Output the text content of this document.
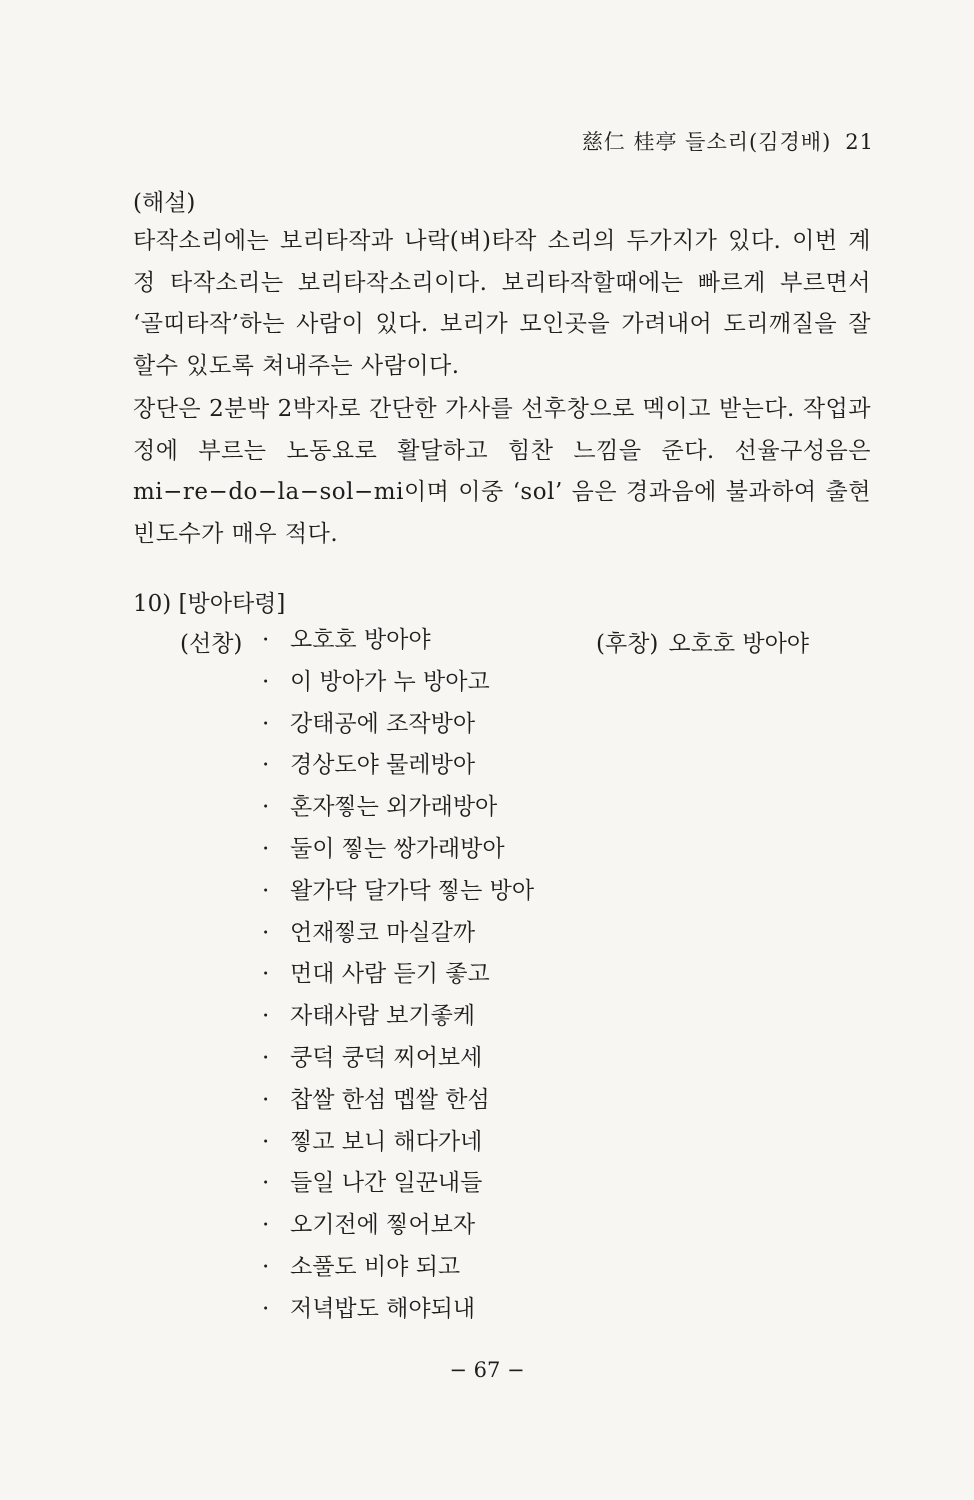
慈仁 桂亭 들소리(김경배) 21
(해설)
타작소리에는 보리타작과 나락(벼)타작 소리의 두가지가 있다. 이번 계정 타작소리는 보리타작소리이다. 보리타작할때에는 빠르게 부르면서 ‘골띠타작’하는 사람이 있다. 보리가 모인곳을 가려내어 도리깨질을 잘 할수 있도록 쳐내주는 사람이다.
장단은 2분박 2박자로 간단한 가사를 선후창으로 멕이고 받는다. 작업과정에 부르는 노동요로 활달하고 힘찬 느낌을 준다. 선율구성음은 mi−re−do−la−sol−mi이며 이중 ‘sol’ 음은 경과음에 불과하여 출현 빈도수가 매우 적다.
10) [방아타령]
(선창)	(후창) 오호호 방아야
· 오호호 방아야
· 이 방아가 누 방아고
· 강태공에 조작방아
· 경상도야 물레방아
· 혼자찧는 외가래방아
· 둘이 찧는 쌍가래방아
· 왈가닥 달가닥 찧는 방아
· 언재찧코 마실갈까
· 먼대 사람 듣기 좋고
· 자태사람 보기좋케
· 쿵덕 쿵덕 찌어보세
· 찹쌀 한섬 멥쌀 한섬
· 찧고 보니 해다가네
· 들일 나간 일꾼내들
· 오기전에 찧어보자
· 소풀도 비야 되고
· 저녁밥도 해야되내
− 67 −
